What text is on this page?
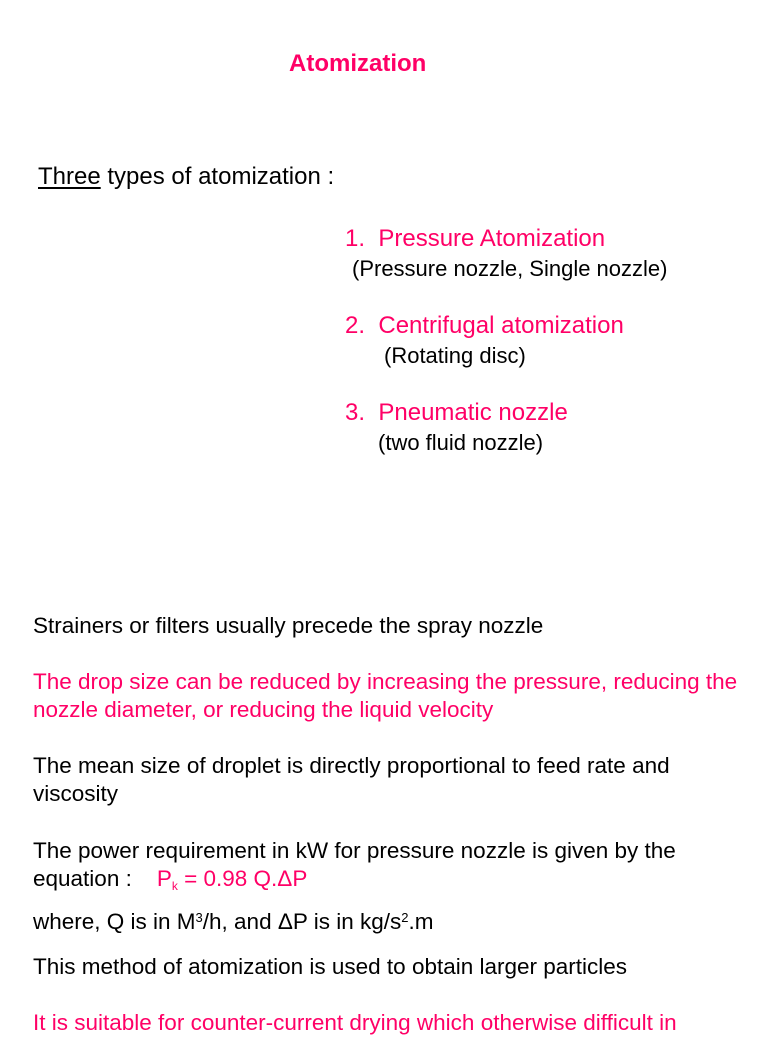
Atomization
Three types of atomization :
1. Pressure Atomization
(Pressure nozzle, Single nozzle)
2. Centrifugal atomization
(Rotating disc)
3. Pneumatic nozzle
(two fluid nozzle)
Strainers or filters usually precede the spray nozzle
The drop size can be reduced by increasing the pressure, reducing the nozzle diameter, or reducing the liquid velocity
The mean size of droplet is directly proportional to feed rate and viscosity
The power requirement in kW for pressure nozzle is given by the
equation : $P_k = 0.98$ Q.ΔP
where, Q is in $M^3/h$, and ΔP is in $kg/s^2.m$
This method of atomization is used to obtain larger particles
It is suitable for counter-current drying which otherwise difficult in
